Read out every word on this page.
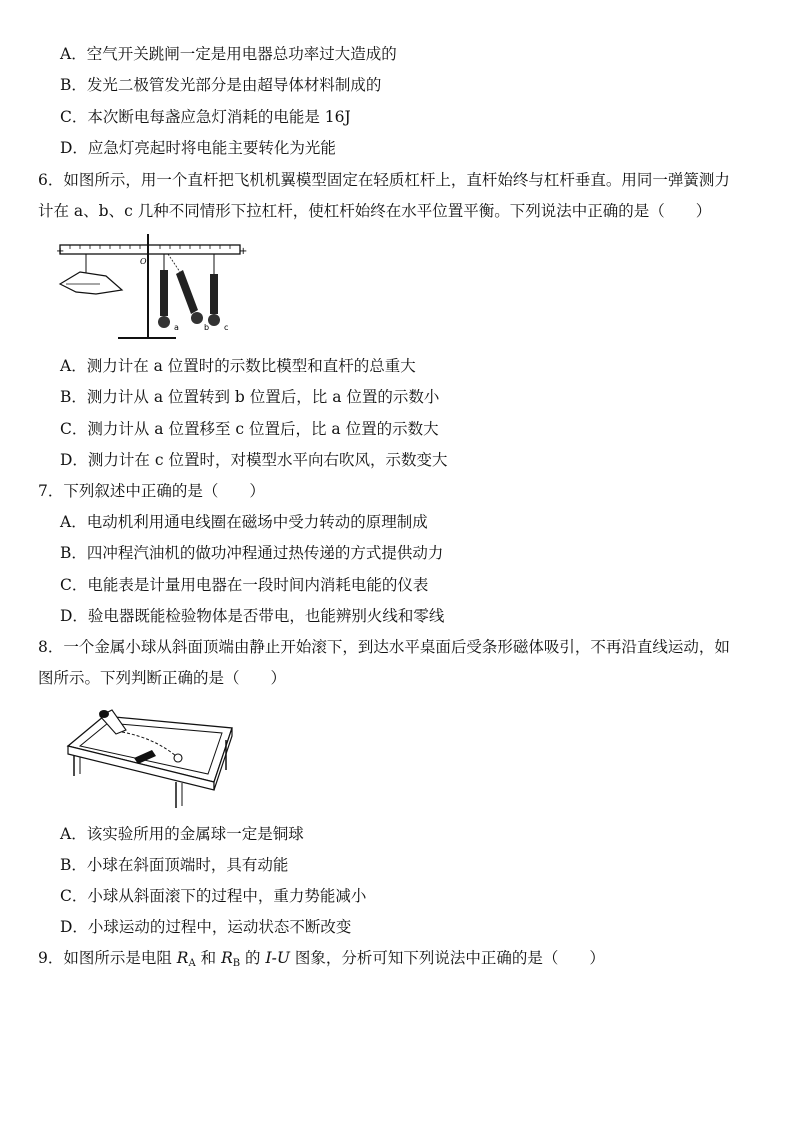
A．空气开关跳闸一定是用电器总功率过大造成的
B．发光二极管发光部分是由超导体材料制成的
C．本次断电每盏应急灯消耗的电能是 16J
D．应急灯亮起时将电能主要转化为光能
6．如图所示，用一个直杆把飞机机翼模型固定在轻质杠杆上，直杆始终与杠杆垂直。用同一弹簧测力
计在 a、b、c 几种不同情形下拉杠杆，使杠杆始终在水平位置平衡。下列说法中正确的是（　　）
+	+
O
a	b c
A．测力计在 a 位置时的示数比模型和直杆的总重大
B．测力计从 a 位置转到 b 位置后，比 a 位置的示数小
C．测力计从 a 位置移至 c 位置后，比 a 位置的示数大
D．测力计在 c 位置时，对模型水平向右吹风，示数变大
7．下列叙述中正确的是（　　）
A．电动机利用通电线圈在磁场中受力转动的原理制成
B．四冲程汽油机的做功冲程通过热传递的方式提供动力
C．电能表是计量用电器在一段时间内消耗电能的仪表
D．验电器既能检验物体是否带电，也能辨别火线和零线
8．一个金属小球从斜面顶端由静止开始滚下，到达水平桌面后受条形磁体吸引，不再沿直线运动，如
图所示。下列判断正确的是（　　）
A．该实验所用的金属球一定是铜球
B．小球在斜面顶端时，具有动能
C．小球从斜面滚下的过程中，重力势能减小
D．小球运动的过程中，运动状态不断改变
9．如图所示是电阻 $R_A$ 和 $R_B$ 的 I-U 图象，分析可知下列说法中正确的是（　　）
